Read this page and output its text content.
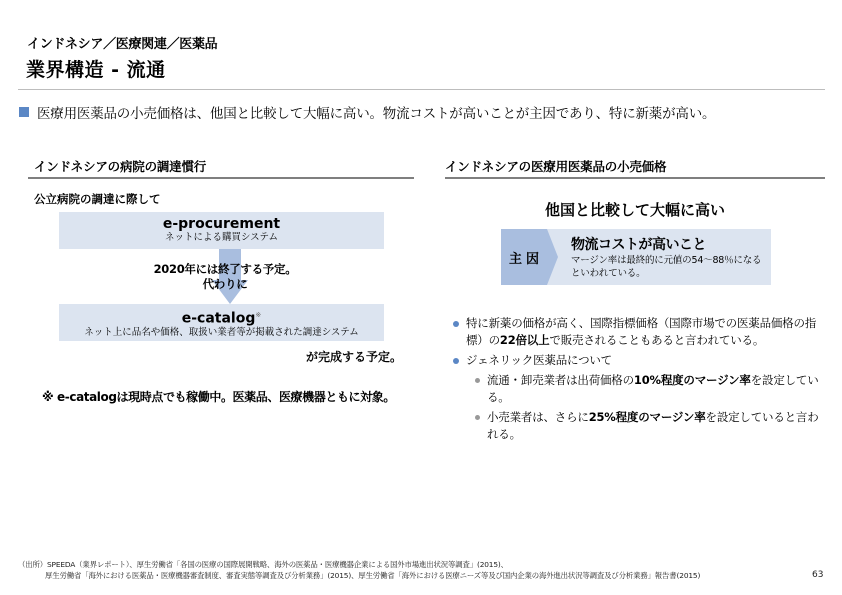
インドネシア／医療関連／医薬品
業界構造 - 流通
医療用医薬品の小売価格は、他国と比較して大幅に高い。物流コストが高いことが主因であり、特に新薬が高い。
インドネシアの病院の調達慣行
公立病院の調達に際して
e-procurement
ネットによる購買システム
2020年には終了する予定。
代わりに
e-catalog※
ネット上に品名や価格、取扱い業者等が掲載された調達システム
が完成する予定。
※ e-catalogは現時点でも稼働中。医薬品、医療機器ともに対象。
インドネシアの医療用医薬品の小売価格
他国と比較して大幅に高い
主因
物流コストが高いこと
マージン率は最終的に元値の54～88％になるといわれている。
特に新薬の価格が高く、国際指標価格（国際市場での医薬品価格の指標）の22倍以上で販売されることもあると言われている。
ジェネリック医薬品について
流通・卸売業者は出荷価格の10%程度のマージン率を設定している。
小売業者は、さらに25%程度のマージン率を設定していると言われる。
（出所）SPEEDA（業界レポート）、厚生労働省「各国の医療の国際展開戦略、海外の医薬品・医療機器企業による国外市場進出状況等調査」(2015)、
厚生労働省「海外における医薬品・医療機器審査制度、審査実態等調査及び分析業務」(2015)、厚生労働省「海外における医療ニーズ等及び国内企業の海外進出状況等調査及び分析業務」報告書(2015)	63
